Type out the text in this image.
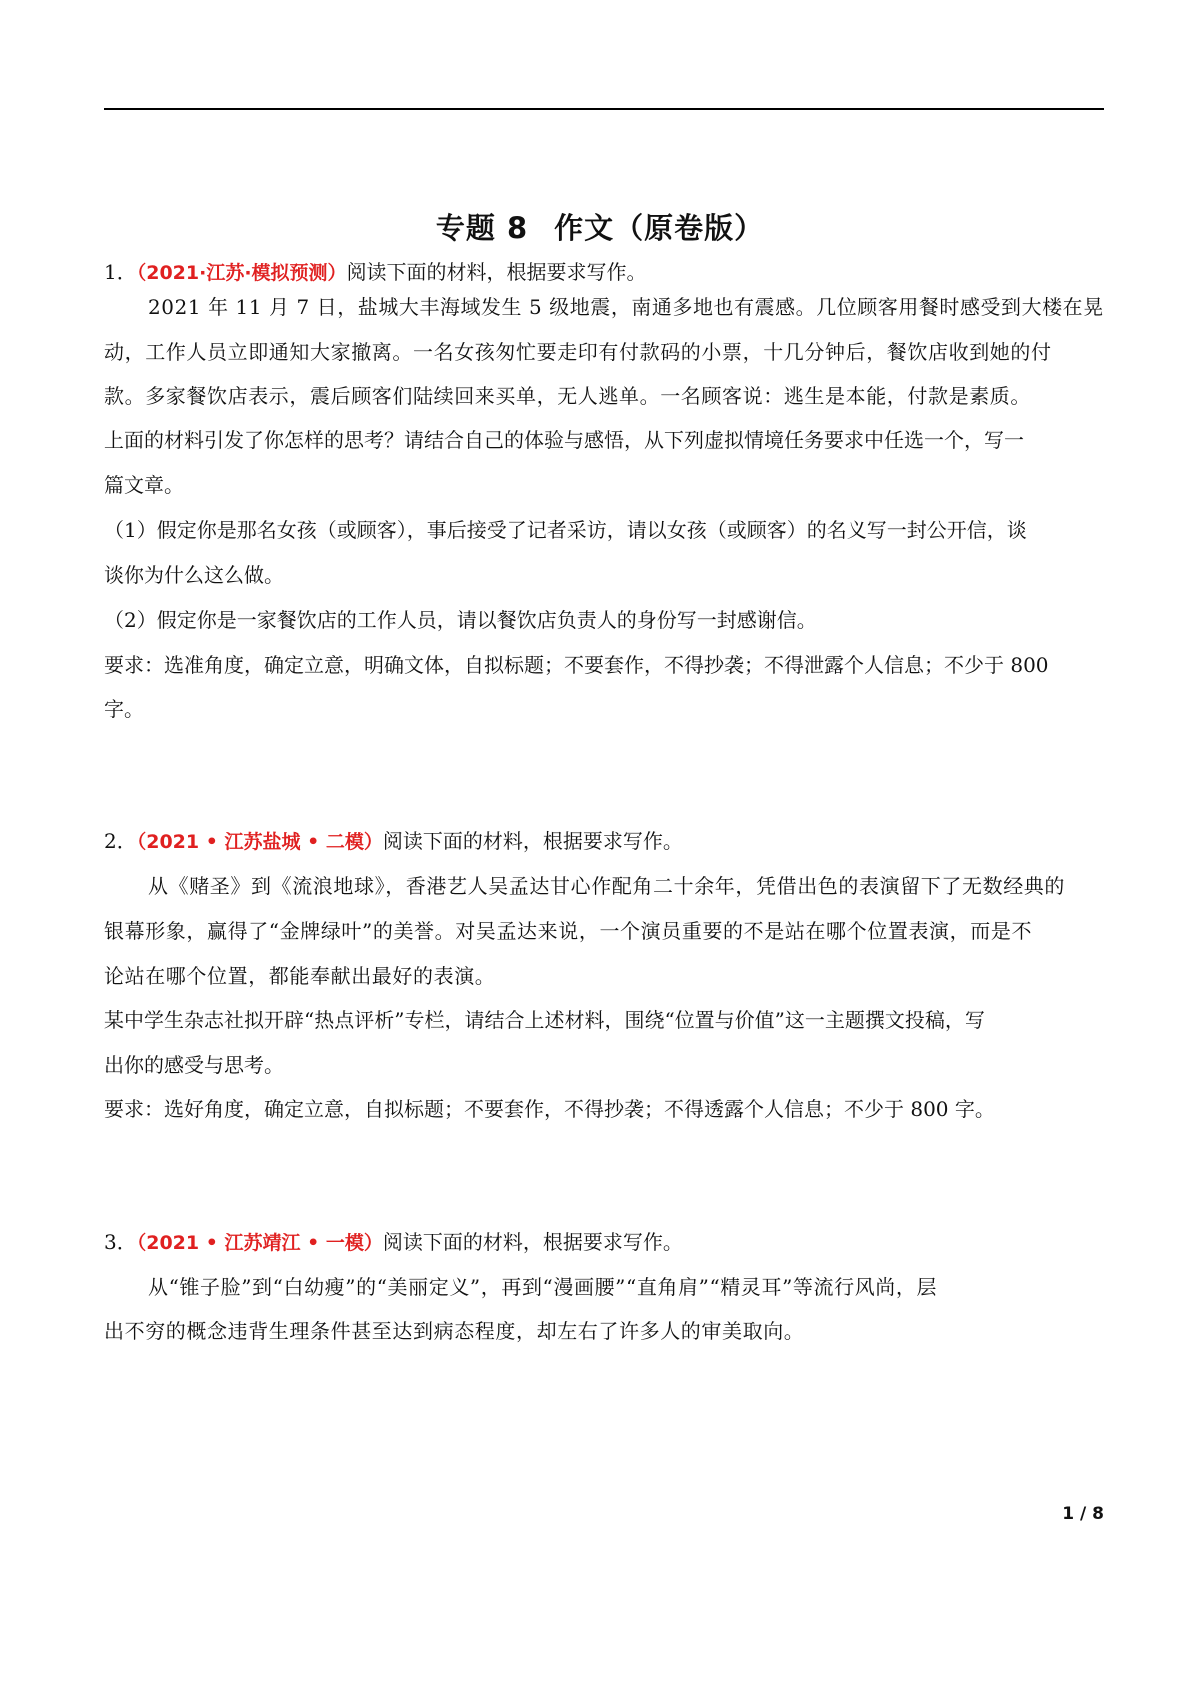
专题 8 作文（原卷版）
1．（2021·江苏·模拟预测）阅读下面的材料，根据要求写作。
2021 年 11 月 7 日，盐城大丰海域发生 5 级地震，南通多地也有震感。几位顾客用餐时感受到大楼在晃
动，工作人员立即通知大家撤离。一名女孩匆忙要走印有付款码的小票，十几分钟后，餐饮店收到她的付
款。多家餐饮店表示，震后顾客们陆续回来买单，无人逃单。一名顾客说：逃生是本能，付款是素质。
上面的材料引发了你怎样的思考？请结合自己的体验与感悟，从下列虚拟情境任务要求中任选一个，写一
篇文章。
（1）假定你是那名女孩（或顾客），事后接受了记者采访，请以女孩（或顾客）的名义写一封公开信，谈
谈你为什么这么做。
（2）假定你是一家餐饮店的工作人员，请以餐饮店负责人的身份写一封感谢信。
要求：选准角度，确定立意，明确文体，自拟标题；不要套作，不得抄袭；不得泄露个人信息；不少于 800
字。
2．（2021 • 江苏盐城 • 二模）阅读下面的材料，根据要求写作。
从《赌圣》到《流浪地球》，香港艺人吴孟达甘心作配角二十余年，凭借出色的表演留下了无数经典的
银幕形象，赢得了“金牌绿叶”的美誉。对吴孟达来说，一个演员重要的不是站在哪个位置表演，而是不
论站在哪个位置，都能奉献出最好的表演。
某中学生杂志社拟开辟“热点评析”专栏，请结合上述材料，围绕“位置与价值”这一主题撰文投稿，写
出你的感受与思考。
要求：选好角度，确定立意，自拟标题；不要套作，不得抄袭；不得透露个人信息；不少于 800 字。
3．（2021 • 江苏靖江 • 一模）阅读下面的材料，根据要求写作。
从“锥子脸”到“白幼瘦”的“美丽定义”，再到“漫画腰”“直角肩”“精灵耳”等流行风尚，层
出不穷的概念违背生理条件甚至达到病态程度，却左右了许多人的审美取向。
1 / 8
